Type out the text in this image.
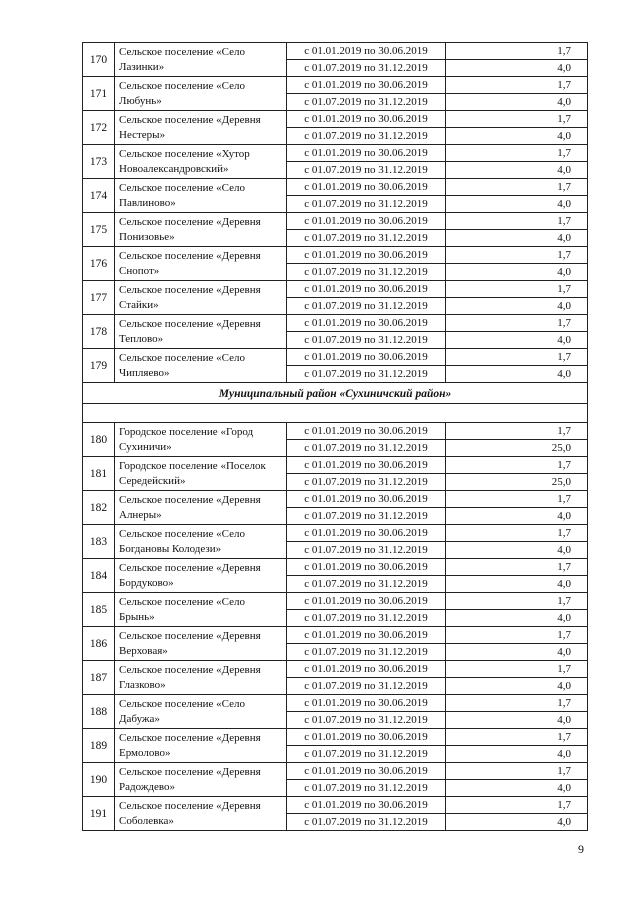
170	Сельское поселение «Село Лазинки»	с 01.01.2019 по 30.06.2019	1,7
		с 01.07.2019 по 31.12.2019	4,0
171	Сельское поселение «Село Любунь»	с 01.01.2019 по 30.06.2019	1,7
		с 01.07.2019 по 31.12.2019	4,0
172	Сельское поселение «Деревня Нестеры»	с 01.01.2019 по 30.06.2019	1,7
		с 01.07.2019 по 31.12.2019	4,0
173	Сельское поселение «Хутор Новоалександровский»	с 01.01.2019 по 30.06.2019	1,7
		с 01.07.2019 по 31.12.2019	4,0
174	Сельское поселение «Село Павлиново»	с 01.01.2019 по 30.06.2019	1,7
		с 01.07.2019 по 31.12.2019	4,0
175	Сельское поселение «Деревня Понизовье»	с 01.01.2019 по 30.06.2019	1,7
		с 01.07.2019 по 31.12.2019	4,0
176	Сельское поселение «Деревня Снопот»	с 01.01.2019 по 30.06.2019	1,7
		с 01.07.2019 по 31.12.2019	4,0
177	Сельское поселение «Деревня Стайки»	с 01.01.2019 по 30.06.2019	1,7
		с 01.07.2019 по 31.12.2019	4,0
178	Сельское поселение «Деревня Теплово»	с 01.01.2019 по 30.06.2019	1,7
		с 01.07.2019 по 31.12.2019	4,0
179	Сельское поселение «Село Чипляево»	с 01.01.2019 по 30.06.2019	1,7
		с 01.07.2019 по 31.12.2019	4,0
Муниципальный район «Сухиничский район»			

180	Городское поселение «Город Сухиничи»	с 01.01.2019 по 30.06.2019	1,7
		с 01.07.2019 по 31.12.2019	25,0
181	Городское поселение «Поселок Середейский»	с 01.01.2019 по 30.06.2019	1,7
		с 01.07.2019 по 31.12.2019	25,0
182	Сельское поселение «Деревня Алнеры»	с 01.01.2019 по 30.06.2019	1,7
		с 01.07.2019 по 31.12.2019	4,0
183	Сельское поселение «Село Богдановы Колодези»	с 01.01.2019 по 30.06.2019	1,7
		с 01.07.2019 по 31.12.2019	4,0
184	Сельское поселение «Деревня Бордуково»	с 01.01.2019 по 30.06.2019	1,7
		с 01.07.2019 по 31.12.2019	4,0
185	Сельское поселение «Село Брынь»	с 01.01.2019 по 30.06.2019	1,7
		с 01.07.2019 по 31.12.2019	4,0
186	Сельское поселение «Деревня Верховая»	с 01.01.2019 по 30.06.2019	1,7
		с 01.07.2019 по 31.12.2019	4,0
187	Сельское поселение «Деревня Глазково»	с 01.01.2019 по 30.06.2019	1,7
		с 01.07.2019 по 31.12.2019	4,0
188	Сельское поселение «Село Дабужа»	с 01.01.2019 по 30.06.2019	1,7
		с 01.07.2019 по 31.12.2019	4,0
189	Сельское поселение «Деревня Ермолово»	с 01.01.2019 по 30.06.2019	1,7
		с 01.07.2019 по 31.12.2019	4,0
190	Сельское поселение «Деревня Радождево»	с 01.01.2019 по 30.06.2019	1,7
		с 01.07.2019 по 31.12.2019	4,0
191	Сельское поселение «Деревня Соболевка»	с 01.01.2019 по 30.06.2019	1,7
		с 01.07.2019 по 31.12.2019	4,0
9
